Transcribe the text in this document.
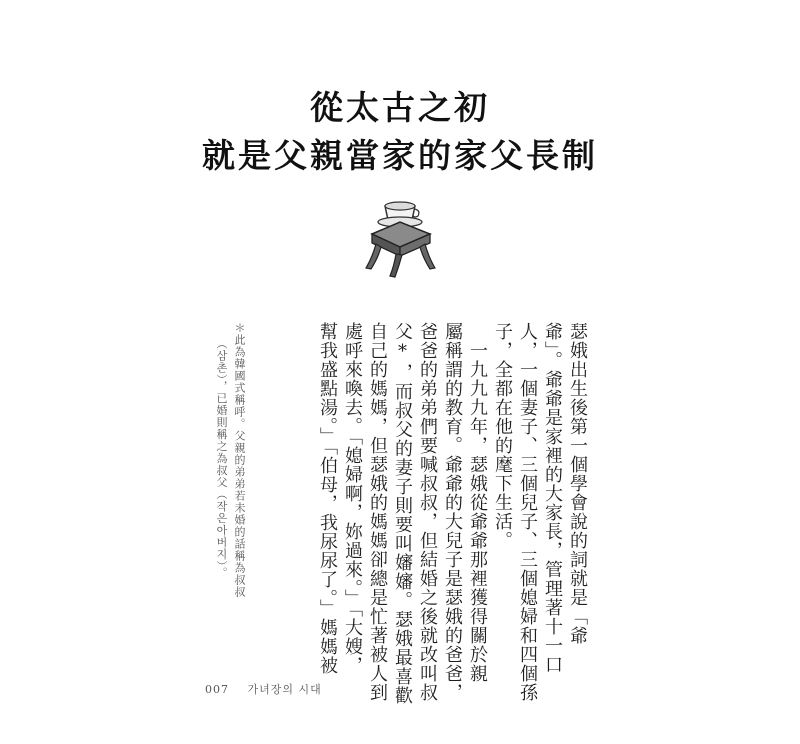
從太古之初
就是父親當家的家父長制
瑟娥出生後第一個學會說的詞就是「爺
爺」。爺爺是家裡的大家長，管理著十一口
人，一個妻子、三個兒子、三個媳婦和四個孫
子，全都在他的麾下生活。
　一九九九年，瑟娥從爺爺那裡獲得關於親
屬稱謂的教育。爺爺的大兒子是瑟娥的爸爸，
爸爸的弟弟們要喊叔叔，但結婚之後就改叫叔
父*，而叔父的妻子則要叫嬸嬸。瑟娥最喜歡
自己的媽媽，但瑟娥的媽媽卻總是忙著被人到
處呼來喚去。「媳婦啊，妳過來。」「大嫂，
幫我盛點湯。」「伯母，我尿尿了。」媽媽被
＊此為韓國式稱呼。父親的弟弟若未婚的話稱為叔叔
（삼촌），已婚則稱之為叔父（작은아버지）。
007 가녀장의 시대
